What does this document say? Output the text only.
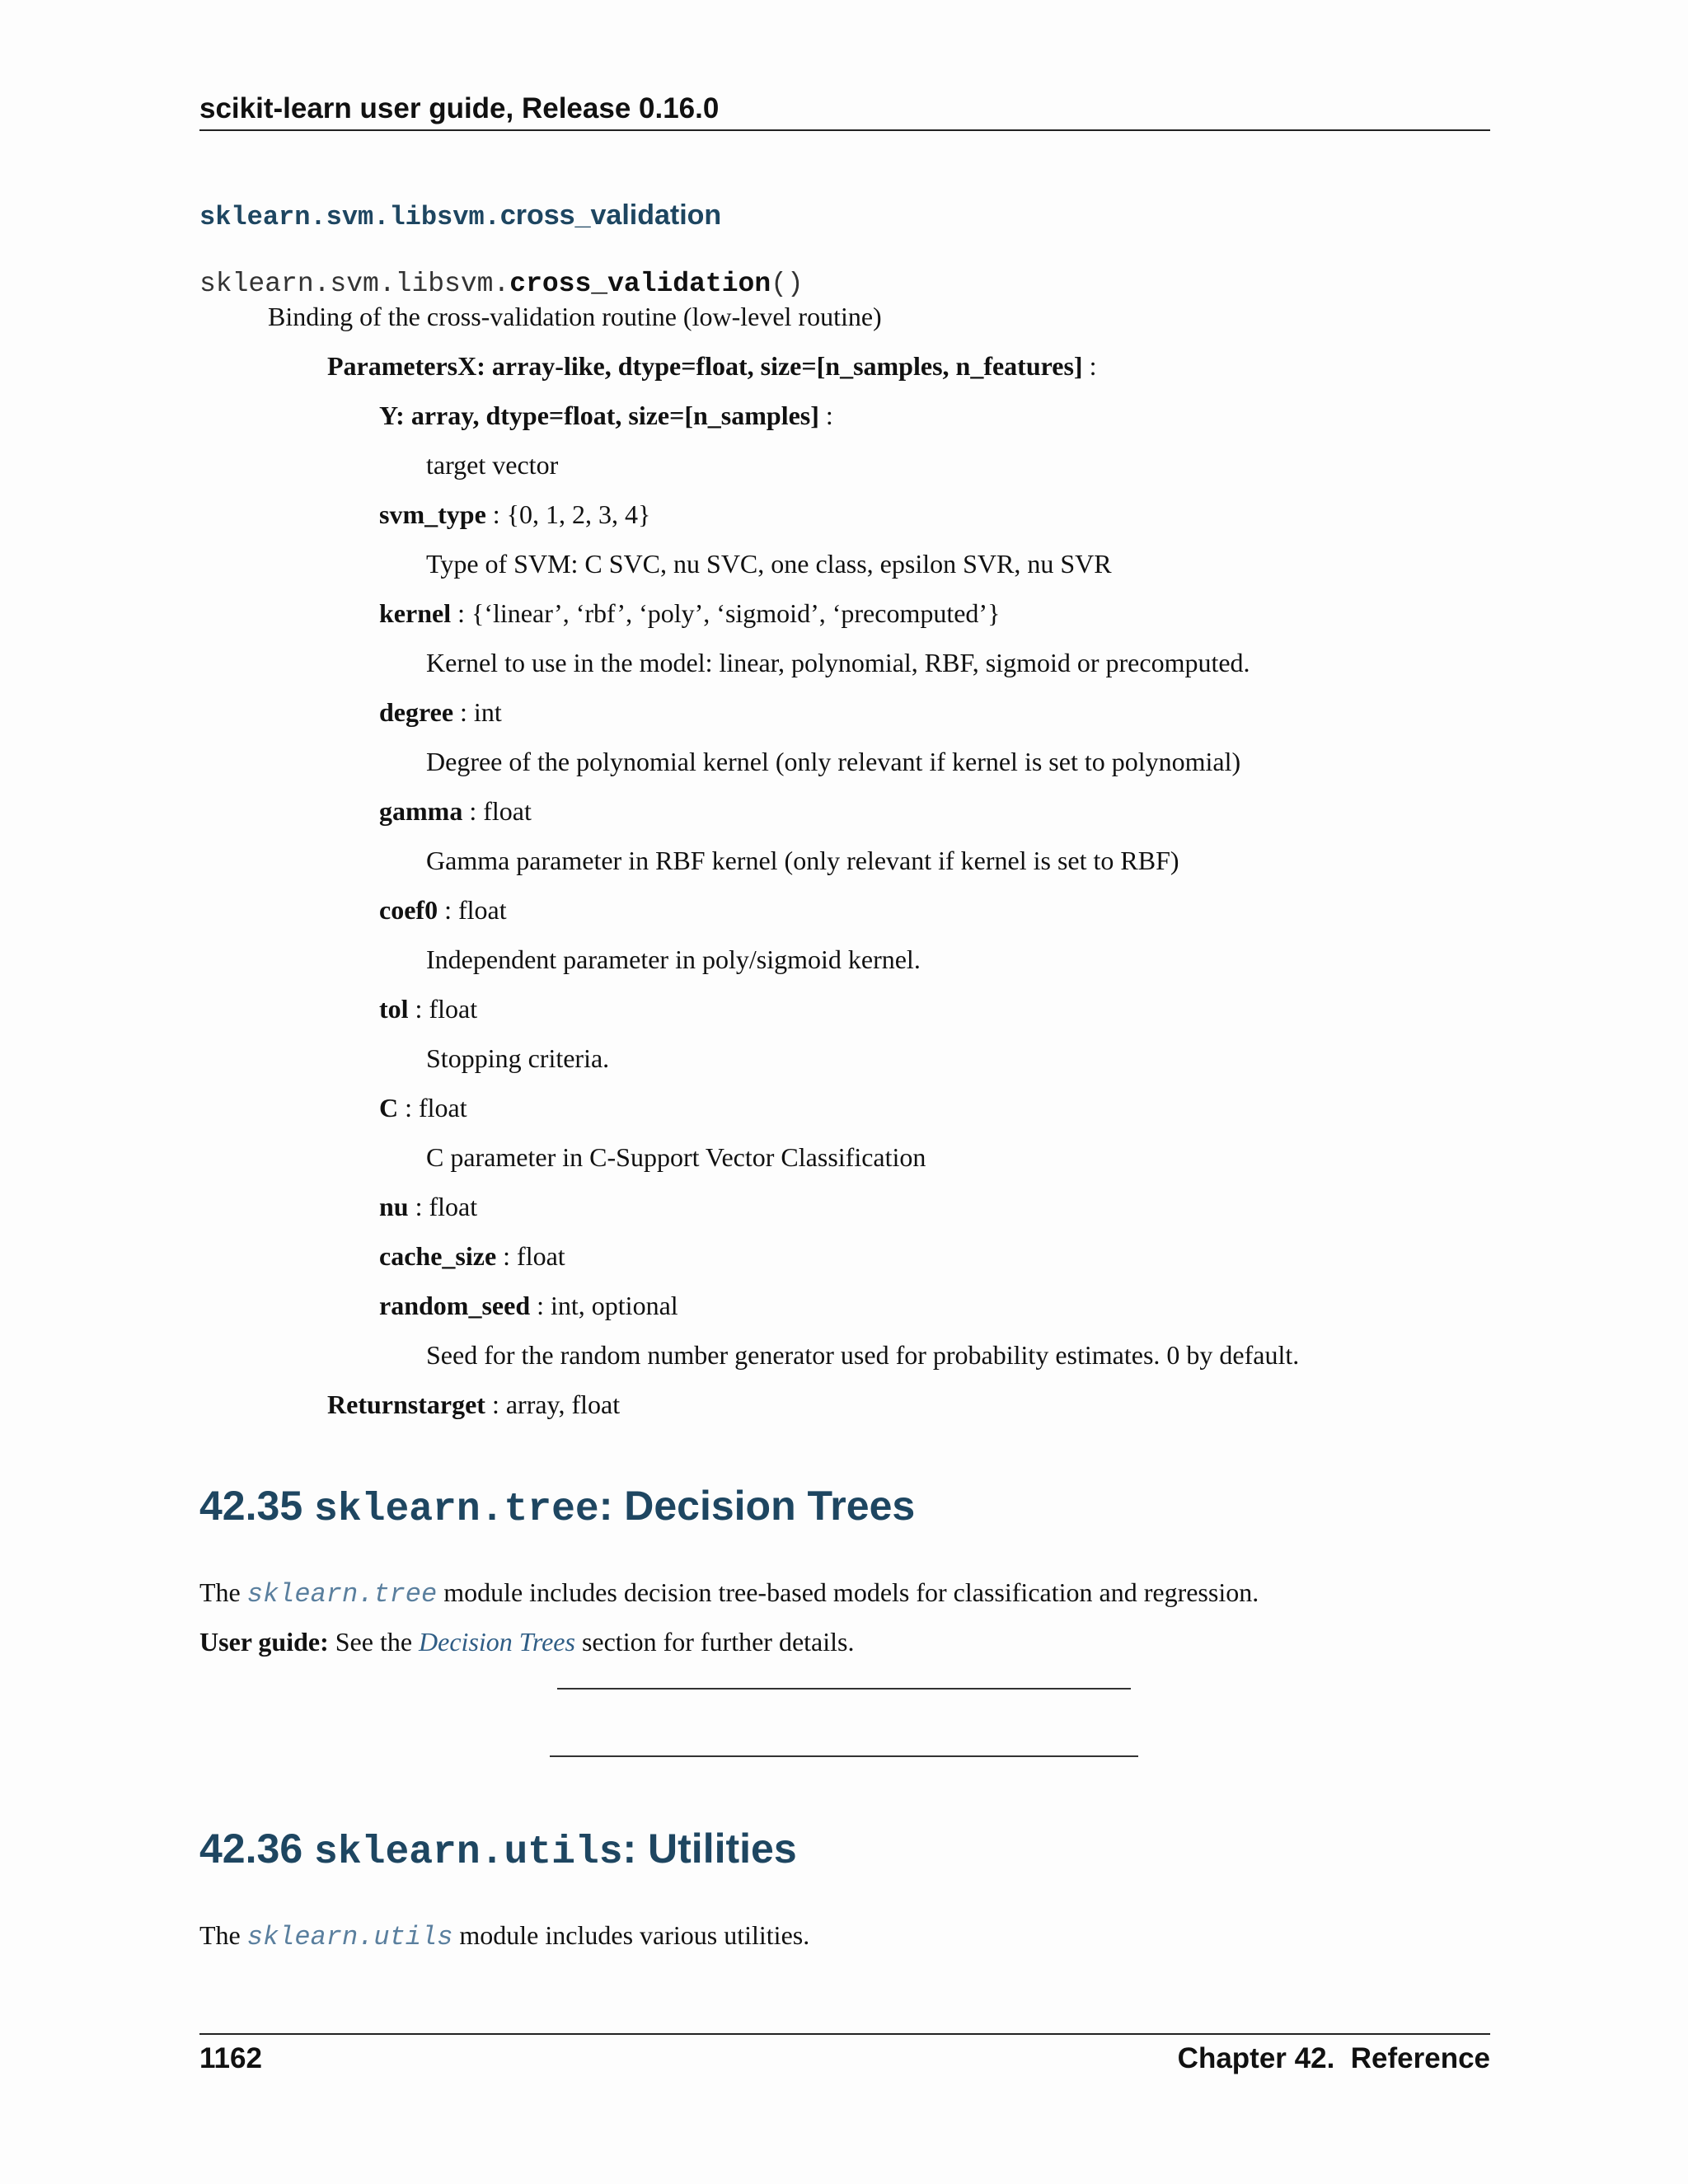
scikit-learn user guide, Release 0.16.0
sklearn.svm.libsvm.cross_validation
sklearn.svm.libsvm.cross_validation()
Binding of the cross-validation routine (low-level routine)
ParametersX: array-like, dtype=float, size=[n_samples, n_features] :
Y: array, dtype=float, size=[n_samples] :
target vector
svm_type : {0, 1, 2, 3, 4}
Type of SVM: C SVC, nu SVC, one class, epsilon SVR, nu SVR
kernel : {‘linear’, ‘rbf’, ‘poly’, ‘sigmoid’, ‘precomputed’}
Kernel to use in the model: linear, polynomial, RBF, sigmoid or precomputed.
degree : int
Degree of the polynomial kernel (only relevant if kernel is set to polynomial)
gamma : float
Gamma parameter in RBF kernel (only relevant if kernel is set to RBF)
coef0 : float
Independent parameter in poly/sigmoid kernel.
tol : float
Stopping criteria.
C : float
C parameter in C-Support Vector Classification
nu : float
cache_size : float
random_seed : int, optional
Seed for the random number generator used for probability estimates. 0 by default.
Returnstarget : array, float
42.35 sklearn.tree: Decision Trees
The sklearn.tree module includes decision tree-based models for classification and regression.
User guide: See the Decision Trees section for further details.
42.36 sklearn.utils: Utilities
The sklearn.utils module includes various utilities.
1162	Chapter 42.  Reference
